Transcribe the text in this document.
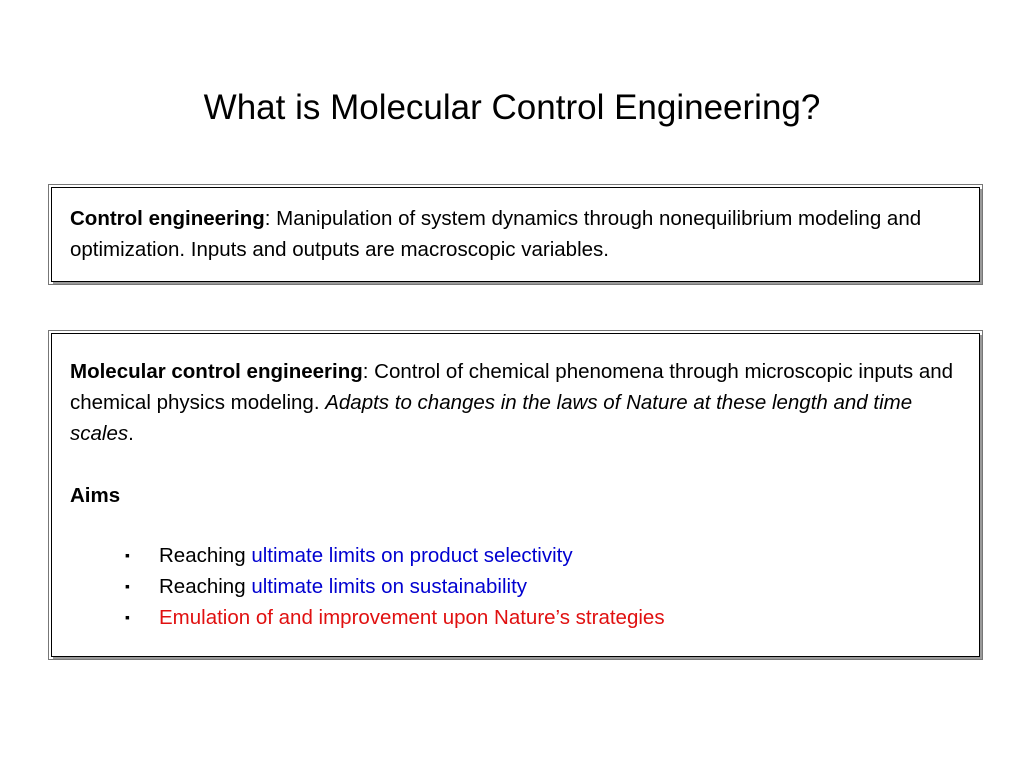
What is Molecular Control Engineering?
Control engineering: Manipulation of system dynamics through nonequilibrium modeling and optimization. Inputs and outputs are macroscopic variables.
Molecular control engineering: Control of chemical phenomena through microscopic inputs and chemical physics modeling. Adapts to changes in the laws of Nature at these length and time scales.
Aims
▪ Reaching ultimate limits on product selectivity
▪ Reaching ultimate limits on sustainability
▪ Emulation of and improvement upon Nature’s strategies
